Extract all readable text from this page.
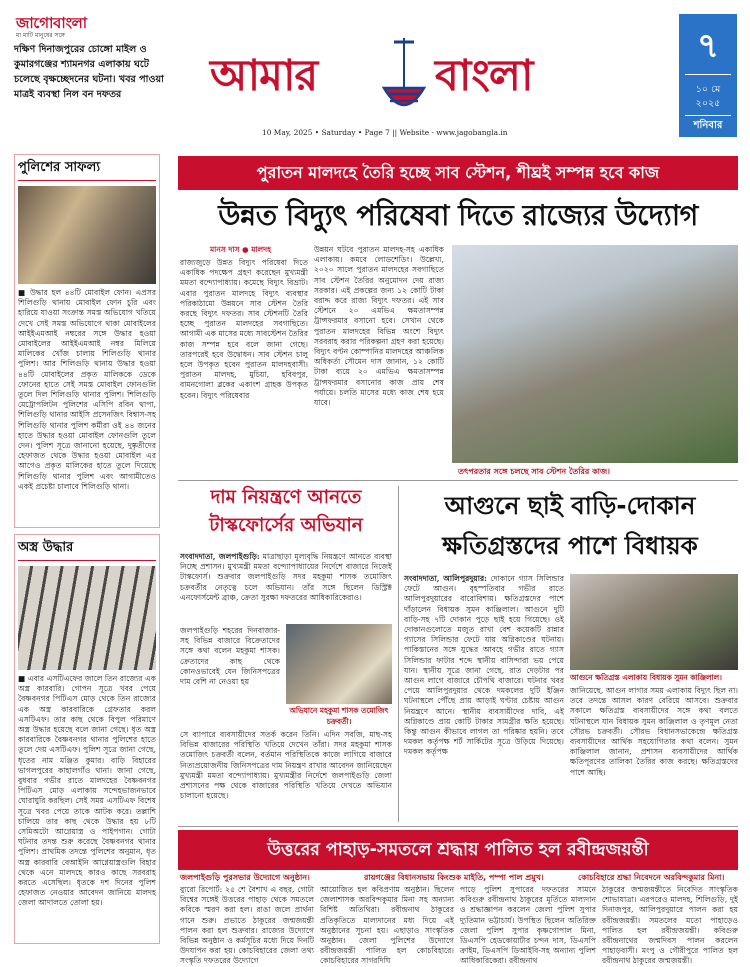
জাগোবাংলা
মা মাটি মানুষের সঙ্গে
দক্ষিণ দিনাজপুরের চোঙ্গো মাইল ও কুমারগঞ্জের শ্যামনগর এলাকায় ঘটে চলেছে বৃক্ষচ্ছেদনের ঘটনা। খবর পাওয়া মাত্রই ব্যবস্থা নিল বন দফতর	আমার	বাংলা
10 May, 2025 • Saturday • Page 7 || Website - www.jagobangla.in
৭
১০ মে ২০২৫
শনিবার
পুলিশের সাফল্য
■ উদ্ধার হল ৪৪টি মোবাইল ফোন। এপ্রসর শিলিগুড়ি থানায় মোবাইল ফোন চুরি এবং হারিয়ে যাওয়া সংক্রান্ত সমস্ত অভিযোগ খতিয়ে দেখে সেই সমস্ত অভিযোগে থাকা মোবাইলের আইইএমআই নম্বরের সঙ্গে উদ্ধার হওয়া মোবাইলের আইইএমআই নম্বর মিলিয়ে মালিকের খোঁজ চালায় শিলিগুড়ি থানার পুলিশ। আর শিলিগুড়ি থানায় উদ্ধার হওয়া ৪৪টি মোবাইলের প্রকৃত মালিককে ডেকে ফোনের হাতে সেই সমস্ত মোবাইল ফোনগুলি তুলে দিল শিলিগুড়ি থানার পুলিশ। শিলিগুড়ি মেট্রোপলিটন পুলিশের এসিপি রবিন থাপা, শিলিগুড়ি থানার আইসি প্রসেনজিৎ বিশ্বাস-সহ শিলিগুড়ি থানার পুলিশ কর্মীরা ওই ৪৪ জনের হাতে উদ্ধার হওয়া মোবাইল ফোনগুলি তুলে দেন। পুলিশ সূত্রে জানানো হয়েছে, দুষ্কৃতীদের হেফাজত থেকে উদ্ধার হওয়া মোবাইল এর আগেও প্রকৃত মালিকের হাতে তুলে দিয়েছে শিলিগুড়ি থানার পুলিশ এবং আগামীতেও একই প্রচেষ্টা চালাবে শিলিগুড়ি থানা।
অস্ত্র উদ্ধার
■ এবার এসটিএফের জালে তিন রাজ্যের এক অস্ত্র কারবারি। গোপন সূত্রে খবর পেয়ে বৈষ্ণবনগর পিটিএস মোড় থেকে তিন রাজ্যের এক অস্ত্র কারবারিকে গ্রেফতার করল এসটিএফ। তার কাছ থেকে বিপুল পরিমাণে অস্ত্র উদ্ধার হয়েছে বলে জানা গেছে। ধৃত অস্ত্র কারবারিকে বৈষ্ণবনগর থানার পুলিশের হাতে তুলে দেয় এসটিএফ। পুলিশ সূত্রে জানা গেছে, ধৃতের নাম মঞ্জিত কুমার। বাড়ি বিহারের ভাগলপুরের কাহালগাঁও থানা। জানা গেছে, বুধবার গভীর রাতে মালদহের বৈষ্ণবনগর পিটিএস মোড় এলাকায় সন্দেহভাজনভাবে ঘোরাঘুরি করছিল। সেই সময় এসটিএফ বিশেষ সূত্রে খবর পেয়ে তাকে আটক করে। তল্লাশি চালিয়ে তার কাছ থেকে উদ্ধার হয় ৮টি সেমিঅটো আগ্নেয়াস্ত্র ও পাইপগান। গোটা ঘটনার তদন্ত শুরু করেছে বৈষ্ণবনগর থানার পুলিশ। প্রাথমিক তদন্তে পুলিশের অনুমান, ধৃত অস্ত্র কারবারি বেআইনি আগ্নেয়াস্ত্রগুলি বিহার থেকে এনে মালদহে কারও কাছে সরবরাহ করতে এসেছিল। ধৃতকে দশ দিনের পুলিশ হেফাজত নেওয়ার আবেদন জানিয়ে মালদহ জেলা আদালতে তোলা হয়।
পুরাতন মালদহে তৈরি হচ্ছে সাব স্টেশন, শীঘ্রই সম্পন্ন হবে কাজ
উন্নত বিদ্যুৎ পরিষেবা দিতে রাজ্যের উদ্যোগ
মানস দাস ● মালদহ
রাজ্যজুড়ে উন্নত বিদ্যুৎ পরিষেবা দিতে একাধিক পদক্ষেপ গ্রহণ করেছেন মুখ্যমন্ত্রী মমতা বন্দ্যোপাধ্যায়। কমেছে বিদ্যুৎ বিভ্রাট। এবার পুরাতন মালদহে বিদ্যুৎ ব্যবস্থার পরিকাঠামো উন্নয়নে সাব স্টেশন তৈরি করছে বিদ্যুৎ দফতর। সাব স্টেশনটি তৈরি হচ্ছে পুরাতন মালদহের সবগাছিতে। আগামী এক মাসের মধ্যে সাবস্টেশন তৈরির কাজ সম্পন্ন হবে বলে জানা গেছে। তারপরেই হবে উদ্বোধন। সাব স্টেশন চালু হলে উপকৃত হবেন পুরাতন মালদহবাসী। পুরাতন মালদহ, মুচিয়া, হবিবপুর, বামনগোলা ব্লকের একাংশ গ্রাহক উপকৃত হবেন। বিদ্যুৎ পরিষেবার
উন্নয়ন ঘটবে পুরাতন মালদহ-সহ একাধিক এলাকায়। কমবে লোডশেডিং। উল্লেখ্য, ২০২০ সালে পুরাতন মালদহের সবগাছিতে সাব স্টেশন তৈরির অনুমোদন দেয় রাজ্য সরকার। এই প্রকল্পের জন্য ১২ কোটি টাকা বরাদ্দ করে রাজ্য বিদ্যুৎ দফতর। এই সাব স্টেশনে ২০ এমভিএ ক্ষমতাসম্পন্ন ট্রান্সফরমার বসানো হবে। সেখান থেকে পুরাতন মালদহের বিভিন্ন অংশে বিদ্যুৎ সরবরাহ করার পরিকল্পনা গ্রহণ করা হয়েছে। বিদ্যুৎ বণ্টন কোম্পানির মালদহের আঞ্চলিক অধিকর্তা সৌমেন দাস জানান, ১২ কোটি টাকা ব্যয়ে ২০ এমভিএ ক্ষমতাসম্পন্ন ট্রান্সফরমার বসানোর কাজ প্রায় শেষ পর্যায়ে। চলতি মাসের মধ্যে কাজ শেষ হয়ে যাবে।
তৎপরতার সঙ্গে চলছে সাব স্টেশন তৈরির কাজ।
দাম নিয়ন্ত্রণে আনতে
টাস্কফোর্সের অভিযান
সংবাদদাতা, জলপাইগুড়ি: মাত্রাছাড়া মূল্যবৃদ্ধি নিয়ন্ত্রণে আনতে ব্যবস্থা নিচ্ছে প্রশাসন। মুখ্যমন্ত্রী মমতা বন্দ্যোপাধ্যায়ের নির্দেশে বাজারে নিজেই টাস্কফোর্স। শুক্রবার জলপাইগুড়ি সদর মহকুমা শাসক তমোজিৎ চক্রবর্তীর নেতৃত্বে চলে অভিযান। তাঁর সঙ্গে ছিলেন ডিস্ট্রিক্ট এনফোর্সমেন্ট ব্রাঞ্চ, ক্রেতা সুরক্ষা দফতরের আধিকারিকেরাও।
জলপাইগুড়ি শহরের দিনবাজার-সহ বিভিন্ন বাজারে বিক্রেতাদের সঙ্গে কথা বলেন মহকুমা শাসক। ক্রেতাদের কাছ থেকে কোনওভাবেই যেন জিনিসপত্রের দাম বেশি না নেওয়া হয়
অভিযানে মহকুমা শাসক তমোজিৎ চক্রবর্তী।
সে ব্যাপারে ব্যবসায়ীদের সতর্ক করেন তিনি। এদিন সবজি, মাছ-সহ বিভিন্ন বাজারের পরিস্থিতি খতিয়ে দেখেন তাঁরা। সদর মহকুমা শাসক তমোজিৎ চক্রবর্তী বলেন, বর্তমান পরিস্থিতিকে কাজে লাগিয়ে বাজারে নিত্যপ্রয়োজনীয় জিনিসপত্রের দাম নিয়ন্ত্রণ রাখার আবেদন জানিয়েছেন মুখ্যমন্ত্রী মমতা বন্দ্যোপাধ্যায়। মুখ্যমন্ত্রীর নির্দেশে জলপাইগুড়ি জেলা প্রশাসনের পক্ষ থেকে বাজারের পরিস্থিতি খতিয়ে দেখতে অভিযান চালানো হয়েছে।
আগুনে ছাই বাড়ি-দোকান
ক্ষতিগ্রস্তদের পাশে বিধায়ক
সংবাদদাতা, আলিপুরদুয়ার: দোকানে গ্যাস সিলিন্ডার ফেটে আগুন। বৃহস্পতিবার গভীর রাতে আলিপুরদুয়ারের বারোবিশায়। ক্ষতিগ্রস্তদের পাশে দাঁড়ালেন বিধায়ক সুমন কাঞ্জিলাল। আগুনে দুটি বাড়ি-সহ ৭টি দোকান পুড়ে ছাই হয়ে গিয়েছে। ওই দোকানগুলোতে মজুত রাখা বেশ কয়েকটি রান্নার গ্যাসের সিলিন্ডার ফেটে যায় অগ্নিকাণ্ডের ঘটনায়। পাকিস্তানের সঙ্গে যুদ্ধের আবহে গভীর রাতে গ্যাস সিলিন্ডার ফাটার শব্দে স্থানীয় বাসিন্দারা ভয় পেয়ে যান। স্থানীয় সূত্রে জানা গেছে, রাত দেড়টার পর আগুন লাগে বাজারে চৌপথি বাজারে। ঘটনার খবর পেয়ে আলিপুরদুয়ার থেকে দমকলের দুটি ইঞ্জিন ঘটনাস্থলে পৌঁছে প্রায় আড়াই ঘণ্টার চেষ্টায় আগুন নিয়ন্ত্রণে আনে। স্থানীয় ব্যবসায়ীদের দাবি, এই অগ্নিকাণ্ডে প্রায় কোটি টাকার সামগ্রীর ক্ষতি হয়েছে। কিন্তু আগুন কীভাবে লাগল তা পরিষ্কার হয়নি। তবে দমকল কর্তৃপক্ষ শর্ট সার্কিটের সূত্রে উড়িয়ে দিয়েছে। দমকল কর্তৃপক্ষ
আগুনে ক্ষতিগ্রস্ত এলাকায় বিধায়ক সুমন কাঞ্জিলাল।
জানিয়েছে, আগুন লাগার সময় এলাকায় বিদ্যুৎ ছিল না। তবে তদন্তে আসল কারণ বেরিয়ে আসবে। শুক্রবার সকালে ক্ষতিগ্রস্ত ব্যবসায়ীদের সঙ্গে কথা বলতে ঘটনাস্থলে যান বিধায়ক সুমন কাঞ্জিলাল ও তৃণমূল নেতা সৌরভ চক্রবর্তী। সৌরভ বিধানসভাকেন্দ্রে ক্ষতিগ্রস্ত ব্যবসায়ীদের আর্থিক সহযোগিতার কথা বলেন। সুমন কাঞ্জিলাল জানান, প্রশাসন ব্যবসায়ীদের আর্থিক ক্ষতিপূরণের তালিকা তৈরির কাজ করছে। ক্ষতিগ্রস্তদের পাশে আছি।
উত্তরের পাহাড়-সমতলে শ্রদ্ধায় পালিত হল রবীন্দ্রজয়ন্তী
ব্যুরো রিপোর্ট: ২৫ শে বৈশাখ এ বছর, গোটা বিশ্বের সঙ্গেই উত্তরের পাহাড় থেকে সমতলে কবিকে স্মরণ করা হল। রাঙা জলে প্রার্থনা গানে শুরু। প্রভাতে ঠাকুরের জন্মজয়ন্তী পালন করা হল শুক্রবার। রাজ্যের উদ্যোগে বিভিন্ন অনুষ্ঠান ও কর্মসূচির মধ্যে দিয়ে দিনটি উদযাপন করা হয়। কোচবিহারের জেলা তথ্য সংস্কৃতি দফতরের উদ্যোগে
আয়োজিত হল কবিপ্রণাম অনুষ্ঠান। ছিলেন জেলাশাসক অরবিন্দকুমার মিনা সহ অন্যান্য বিশিষ্ট অতিথিরা। রবীন্দ্রনাথ ঠাকুরের প্রতিকৃতিতে মাল্যদানের মধ্য দিয়ে এই অনুষ্ঠানের সূচনা হয়। এছাড়াও সাংস্কৃতিক অনুষ্ঠান। জেলা পুলিশের উদ্যোগে রবীন্দ্রজয়ন্তী পালিত হল কোচবিহারে। কোচবিহারের সাগরদিঘি
পাড়ে পুলিশ সুপারের দফতরের সামনে কবিগুরু রবীন্দ্রনাথ ঠাকুরের মূর্তিতে মাল্যদান ও শ্রদ্ধাজ্ঞাপন করলেন জেলা পুলিশ সুপার দ্যুতিমান ভট্টাচার্য। উপস্থিত ছিলেন অতিরিক্ত জেলা পুলিশ সুপার কৃষ্ণগোপাল মিনা, ডিএসপি হেডকোয়ার্টার চন্দন দাস, ডিএসপি ক্রাইম, ডিএসপি ডিআইবি-সহ অন্যান্য পুলিশ আধিকারিকেরা। রবীন্দ্রনাথ
ঠাকুরের জন্মজয়ন্তীতে নিবেদিত সাংস্কৃতিক শোভাযাত্রা। এরপরেও মালদহ, শিলিগুড়ি, দুই দিনাজপুর, আলিপুরদুয়ারে পালন করা হয় রবীন্দ্রজয়ন্তী। সমতলের মতো পাহাড়েও পালিত হল রবীন্দ্রজয়ন্তী। কবিগুরু রবীন্দ্রনাথের জন্মদিবস পালন করলেন পাহাড়বাসী। মংপু ও গৌরীপুরে পালিত হল রবীন্দ্রনাথ ঠাকুরের জন্মজয়ন্তী।
জলপাইগুড়ি পুরসভার উদ্যোগে অনুষ্ঠান।	রায়গঞ্জের বিধানসভায় কিংশুক মাইতি, পম্পা পাল প্রমুখ।	কোচবিহারে শ্রদ্ধা নিবেদনে অরবিন্দকুমার মিনা।
